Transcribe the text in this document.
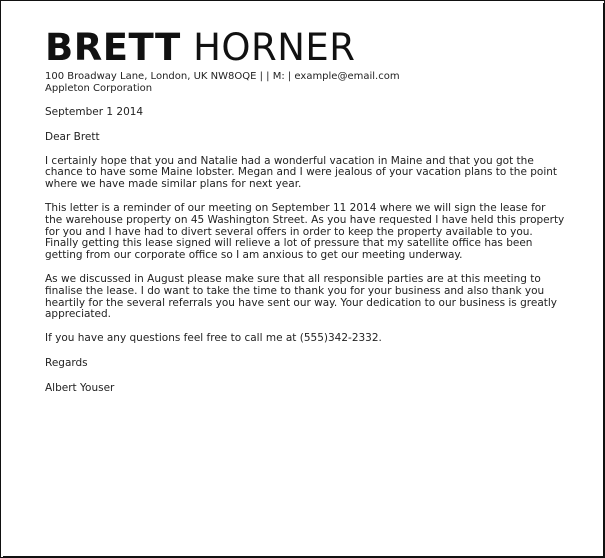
BRETT HORNER
100 Broadway Lane, London, UK NW8OQE | | M: | example@email.com
Appleton Corporation
September 1 2014
Dear Brett

I certainly hope that you and Natalie had a wonderful vacation in Maine and that you got the chance to have some Maine lobster. Megan and I were jealous of your vacation plans to the point where we have made similar plans for next year.

This letter is a reminder of our meeting on September 11 2014 where we will sign the lease for the warehouse property on 45 Washington Street. As you have requested I have held this property for you and I have had to divert several offers in order to keep the property available to you. Finally getting this lease signed will relieve a lot of pressure that my satellite office has been getting from our corporate office so I am anxious to get our meeting underway.

As we discussed in August please make sure that all responsible parties are at this meeting to finalise the lease. I do want to take the time to thank you for your business and also thank you heartily for the several referrals you have sent our way. Your dedication to our business is greatly appreciated.

If you have any questions feel free to call me at (555)342-2332.

Regards
Albert Youser
